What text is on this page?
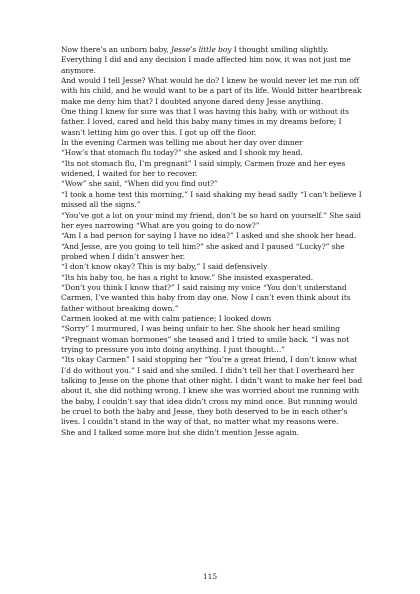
Now there’s an unborn baby, Jesse’s little boy I thought smiling slightly.

Everything I did and any decision I made affected him now, it was not just me

anymore.

And would I tell Jesse? What would he do? I knew he would never let me run off

with his child, and he would want to be a part of its life. Would bitter heartbreak

make me deny him that? I doubted anyone dared deny Jesse anything.

One thing I knew for sure was that I was having this baby, with or without its

father. I loved, cared and held this baby many times in my dreams before; I

wasn’t letting him go over this. I got up off the floor.

In the evening Carmen was telling me about her day over dinner

“How’s that stomach flu today?” she asked and I shook my head.

“Its not stomach flu, I’m pregnant” I said simply, Carmen froze and her eyes

widened, I waited for her to recover.

“Wow” she said, “When did you find out?”

“I took a home test this morning,” I said shaking my head sadly “I can’t believe I

missed all the signs.”

“You’ve got a lot on your mind my friend, don’t be so hard on yourself.” She said

her eyes narrowing “What are you going to do now?”

“Am I a bad person for saying I have no idea?” I asked and she shook her head.

“And Jesse, are you going to tell him?” she asked and I paused “Lucky?” she

probed when I didn’t answer her.

“I don’t know okay? This is my baby,” I said defensively

“Its his baby too, he has a right to know.” She insisted exasperated.

“Don’t you think I know that?” I said raising my voice “You don’t understand

Carmen, I’ve wanted this baby from day one. Now I can’t even think about its

father without breaking down.”

Carmen looked at me with calm patience; I looked down

“Sorry” I murmured, I was being unfair to her. She shook her head smiling

“Pregnant woman hormones” she teased and I tried to smile back. “I was not

trying to pressure you into doing anything. I just thought…”

“Its okay Carmen” I said stopping her “You’re a great friend, I don’t know what

I’d do without you.” I said and she smiled. I didn’t tell her that I overheard her

talking to Jesse on the phone that other night. I didn’t want to make her feel bad

about it, she did nothing wrong. I knew she was worried about me running with

the baby, I couldn’t say that idea didn’t cross my mind once. But running would

be cruel to both the baby and Jesse, they both deserved to be in each other’s

lives. I couldn’t stand in the way of that, no matter what my reasons were.

She and I talked some more but she didn’t mention Jesse again.

115
